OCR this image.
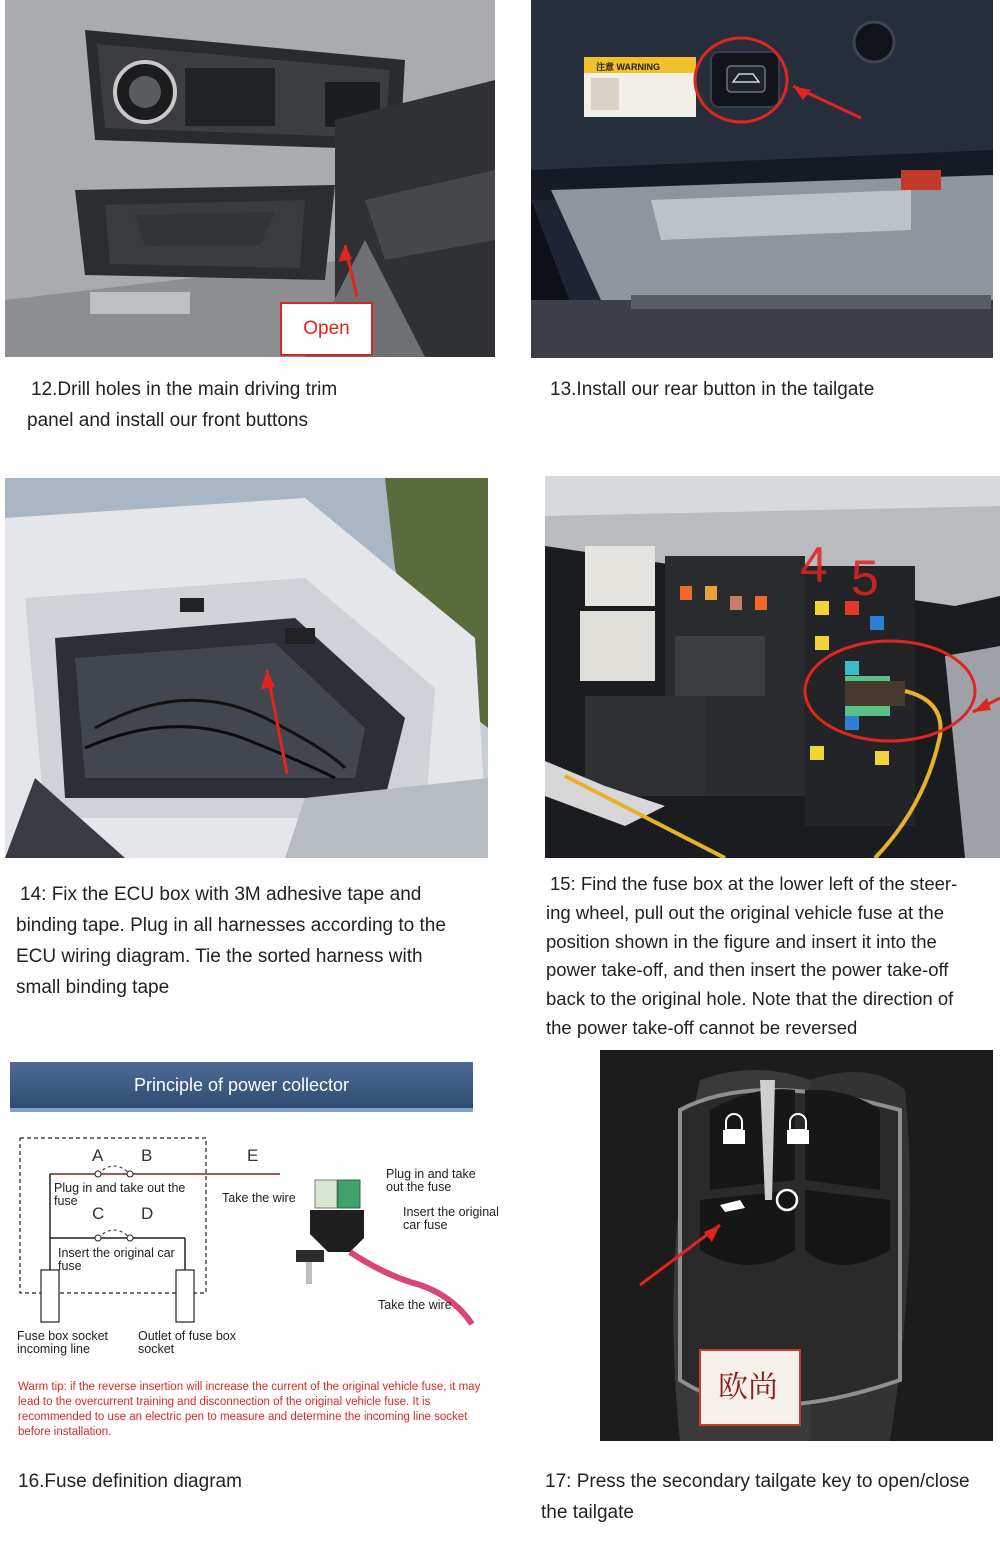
Open
12.Drill holes in the main driving trim
panel and install our front buttons
注意 WARNING
13.Install our rear button in the tailgate
14: Fix the ECU box with 3M adhesive tape and
binding tape. Plug in all harnesses according to the
ECU wiring diagram. Tie the sorted harness with
small binding tape
4 5
15: Find the fuse box at the lower left of the steer-
ing wheel, pull out the original vehicle fuse at the
position shown in the figure and insert it into the
power take-off, and then insert the power take-off
back to the original hole. Note that the direction of
the power take-off cannot be reversed
Principle of power collector
A B
C D
E
Plug in and take out the fuse
Insert the original car fuse
Take the wire
Fuse box socket incoming line
Outlet of fuse box socket
Plug in and take out the fuse
Insert the original car fuse
Take the wire
Warm tip: if the reverse insertion will increase the current of the original vehicle fuse, it may lead to the overcurrent training and disconnection of the original vehicle fuse. It is recommended to use an electric pen to measure and determine the incoming line socket before installation.
16.Fuse definition diagram
欧尚
17: Press the secondary tailgate key to open/close
the tailgate
